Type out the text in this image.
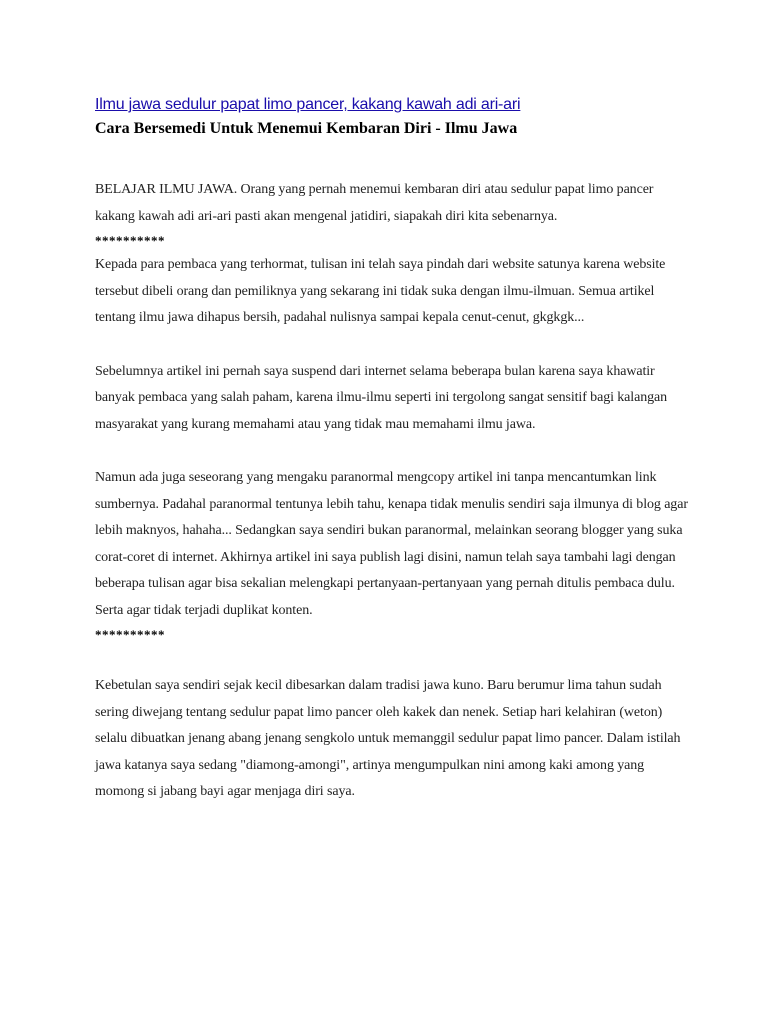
Ilmu jawa sedulur papat limo pancer, kakang kawah adi ari-ari
Cara Bersemedi Untuk Menemui Kembaran Diri - Ilmu Jawa

BELAJAR ILMU JAWA. Orang yang pernah menemui kembaran diri atau sedulur papat limo pancer kakang kawah adi ari-ari pasti akan mengenal jatidiri, siapakah diri kita sebenarnya.

**********

Kepada para pembaca yang terhormat, tulisan ini telah saya pindah dari website satunya karena website tersebut dibeli orang dan pemiliknya yang sekarang ini tidak suka dengan ilmu-ilmuan. Semua artikel tentang ilmu jawa dihapus bersih, padahal nulisnya sampai kepala cenut-cenut, gkgkgk...

Sebelumnya artikel ini pernah saya suspend dari internet selama beberapa bulan karena saya khawatir banyak pembaca yang salah paham, karena ilmu-ilmu seperti ini tergolong sangat sensitif bagi kalangan masyarakat yang kurang memahami atau yang tidak mau memahami ilmu jawa.

Namun ada juga seseorang yang mengaku paranormal mengcopy artikel ini tanpa mencantumkan link sumbernya. Padahal paranormal tentunya lebih tahu, kenapa tidak menulis sendiri saja ilmunya di blog agar lebih maknyos, hahaha... Sedangkan saya sendiri bukan paranormal, melainkan seorang blogger yang suka corat-coret di internet. Akhirnya artikel ini saya publish lagi disini, namun telah saya tambahi lagi dengan beberapa tulisan agar bisa sekalian melengkapi pertanyaan-pertanyaan yang pernah ditulis pembaca dulu. Serta agar tidak terjadi duplikat konten.

**********

Kebetulan saya sendiri sejak kecil dibesarkan dalam tradisi jawa kuno. Baru berumur lima tahun sudah sering diwejang tentang sedulur papat limo pancer oleh kakek dan nenek. Setiap hari kelahiran (weton) selalu dibuatkan jenang abang jenang sengkolo untuk memanggil sedulur papat limo pancer. Dalam istilah jawa katanya saya sedang "diamong-amongi", artinya mengumpulkan nini among kaki among yang momong si jabang bayi agar menjaga diri saya.
